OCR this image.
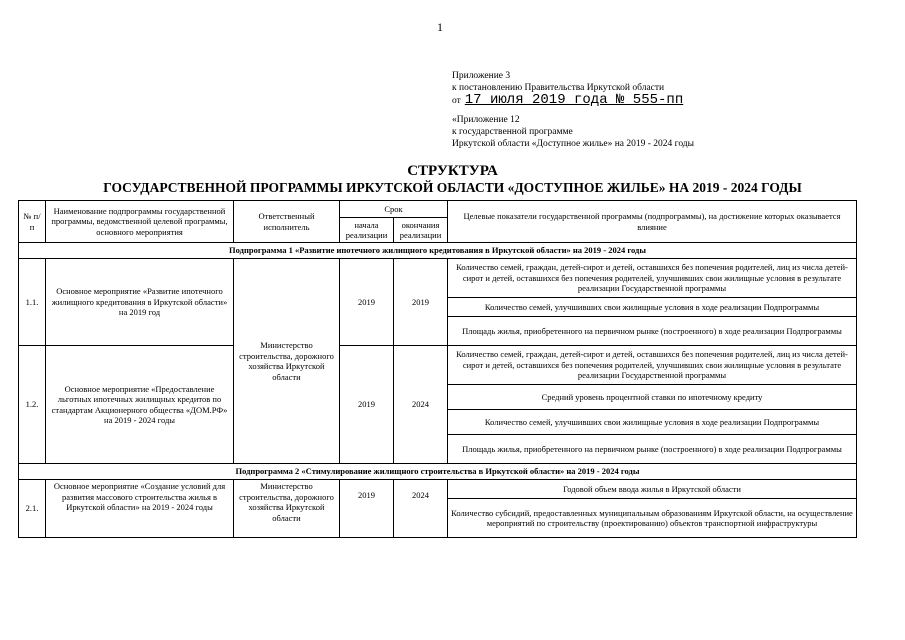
1
Приложение 3
к постановлению Правительства Иркутской области
от 17 июля 2019 года № 555-пп
«Приложение 12
к государственной программе
Иркутской области «Доступное жилье» на 2019 - 2024 годы
СТРУКТУРА
ГОСУДАРСТВЕННОЙ ПРОГРАММЫ ИРКУТСКОЙ ОБЛАСТИ «ДОСТУПНОЕ ЖИЛЬЕ» НА 2019 - 2024 ГОДЫ
№ п/п	Наименование подпрограммы государственной программы, ведомственной целевой программы, основного мероприятия	Ответственный исполнитель	Срок		Целевые показатели государственной программы (подпрограммы), на достижение которых оказывается влияние
			начала реализации	окончания реализации	
Подпрограмма 1 «Развитие ипотечного жилищного кредитования в Иркутской области» на 2019 - 2024 годы					
1.1.	Основное мероприятие «Развитие ипотечного жилищного кредитования в Иркутской области» на 2019 год	Министерство строительства, дорожного хозяйства Иркутской области	2019	2019	Количество семей, граждан, детей-сирот и детей, оставшихся без попечения родителей, лиц из числа детей-сирот и детей, оставшихся без попечения родителей, улучшивших свои жилищные условия в результате реализации Государственной программы
					Количество семей, улучшивших свои жилищные условия в ходе реализации Подпрограммы
					Площадь жилья, приобретенного на первичном рынке (построенного) в ходе реализации Подпрограммы
1.2.	Основное мероприятие «Предоставление льготных ипотечных жилищных кредитов по стандартам Акционерного общества «ДОМ.РФ» на 2019 - 2024 годы		2019	2024	Количество семей, граждан, детей-сирот и детей, оставшихся без попечения родителей, лиц из числа детей-сирот и детей, оставшихся без попечения родителей, улучшивших свои жилищные условия в результате реализации Государственной программы
					Средний уровень процентной ставки по ипотечному кредиту
					Количество семей, улучшивших свои жилищные условия в ходе реализации Подпрограммы
					Площадь жилья, приобретенного на первичном рынке (построенного) в ходе реализации Подпрограммы
Подпрограмма 2 «Стимулирование жилищного строительства в Иркутской области» на 2019 - 2024 годы					
2.1.	Основное мероприятие «Создание условий для развития массового строительства жилья в Иркутской области» на 2019 - 2024 годы	Министерство строительства, дорожного хозяйства Иркутской области	2019	2024	Годовой объем ввода жилья в Иркутской области
					Количество субсидий, предоставленных муниципальным образованиям Иркутской области, на осуществление мероприятий по строительству (проектированию) объектов транспортной инфраструктуры
